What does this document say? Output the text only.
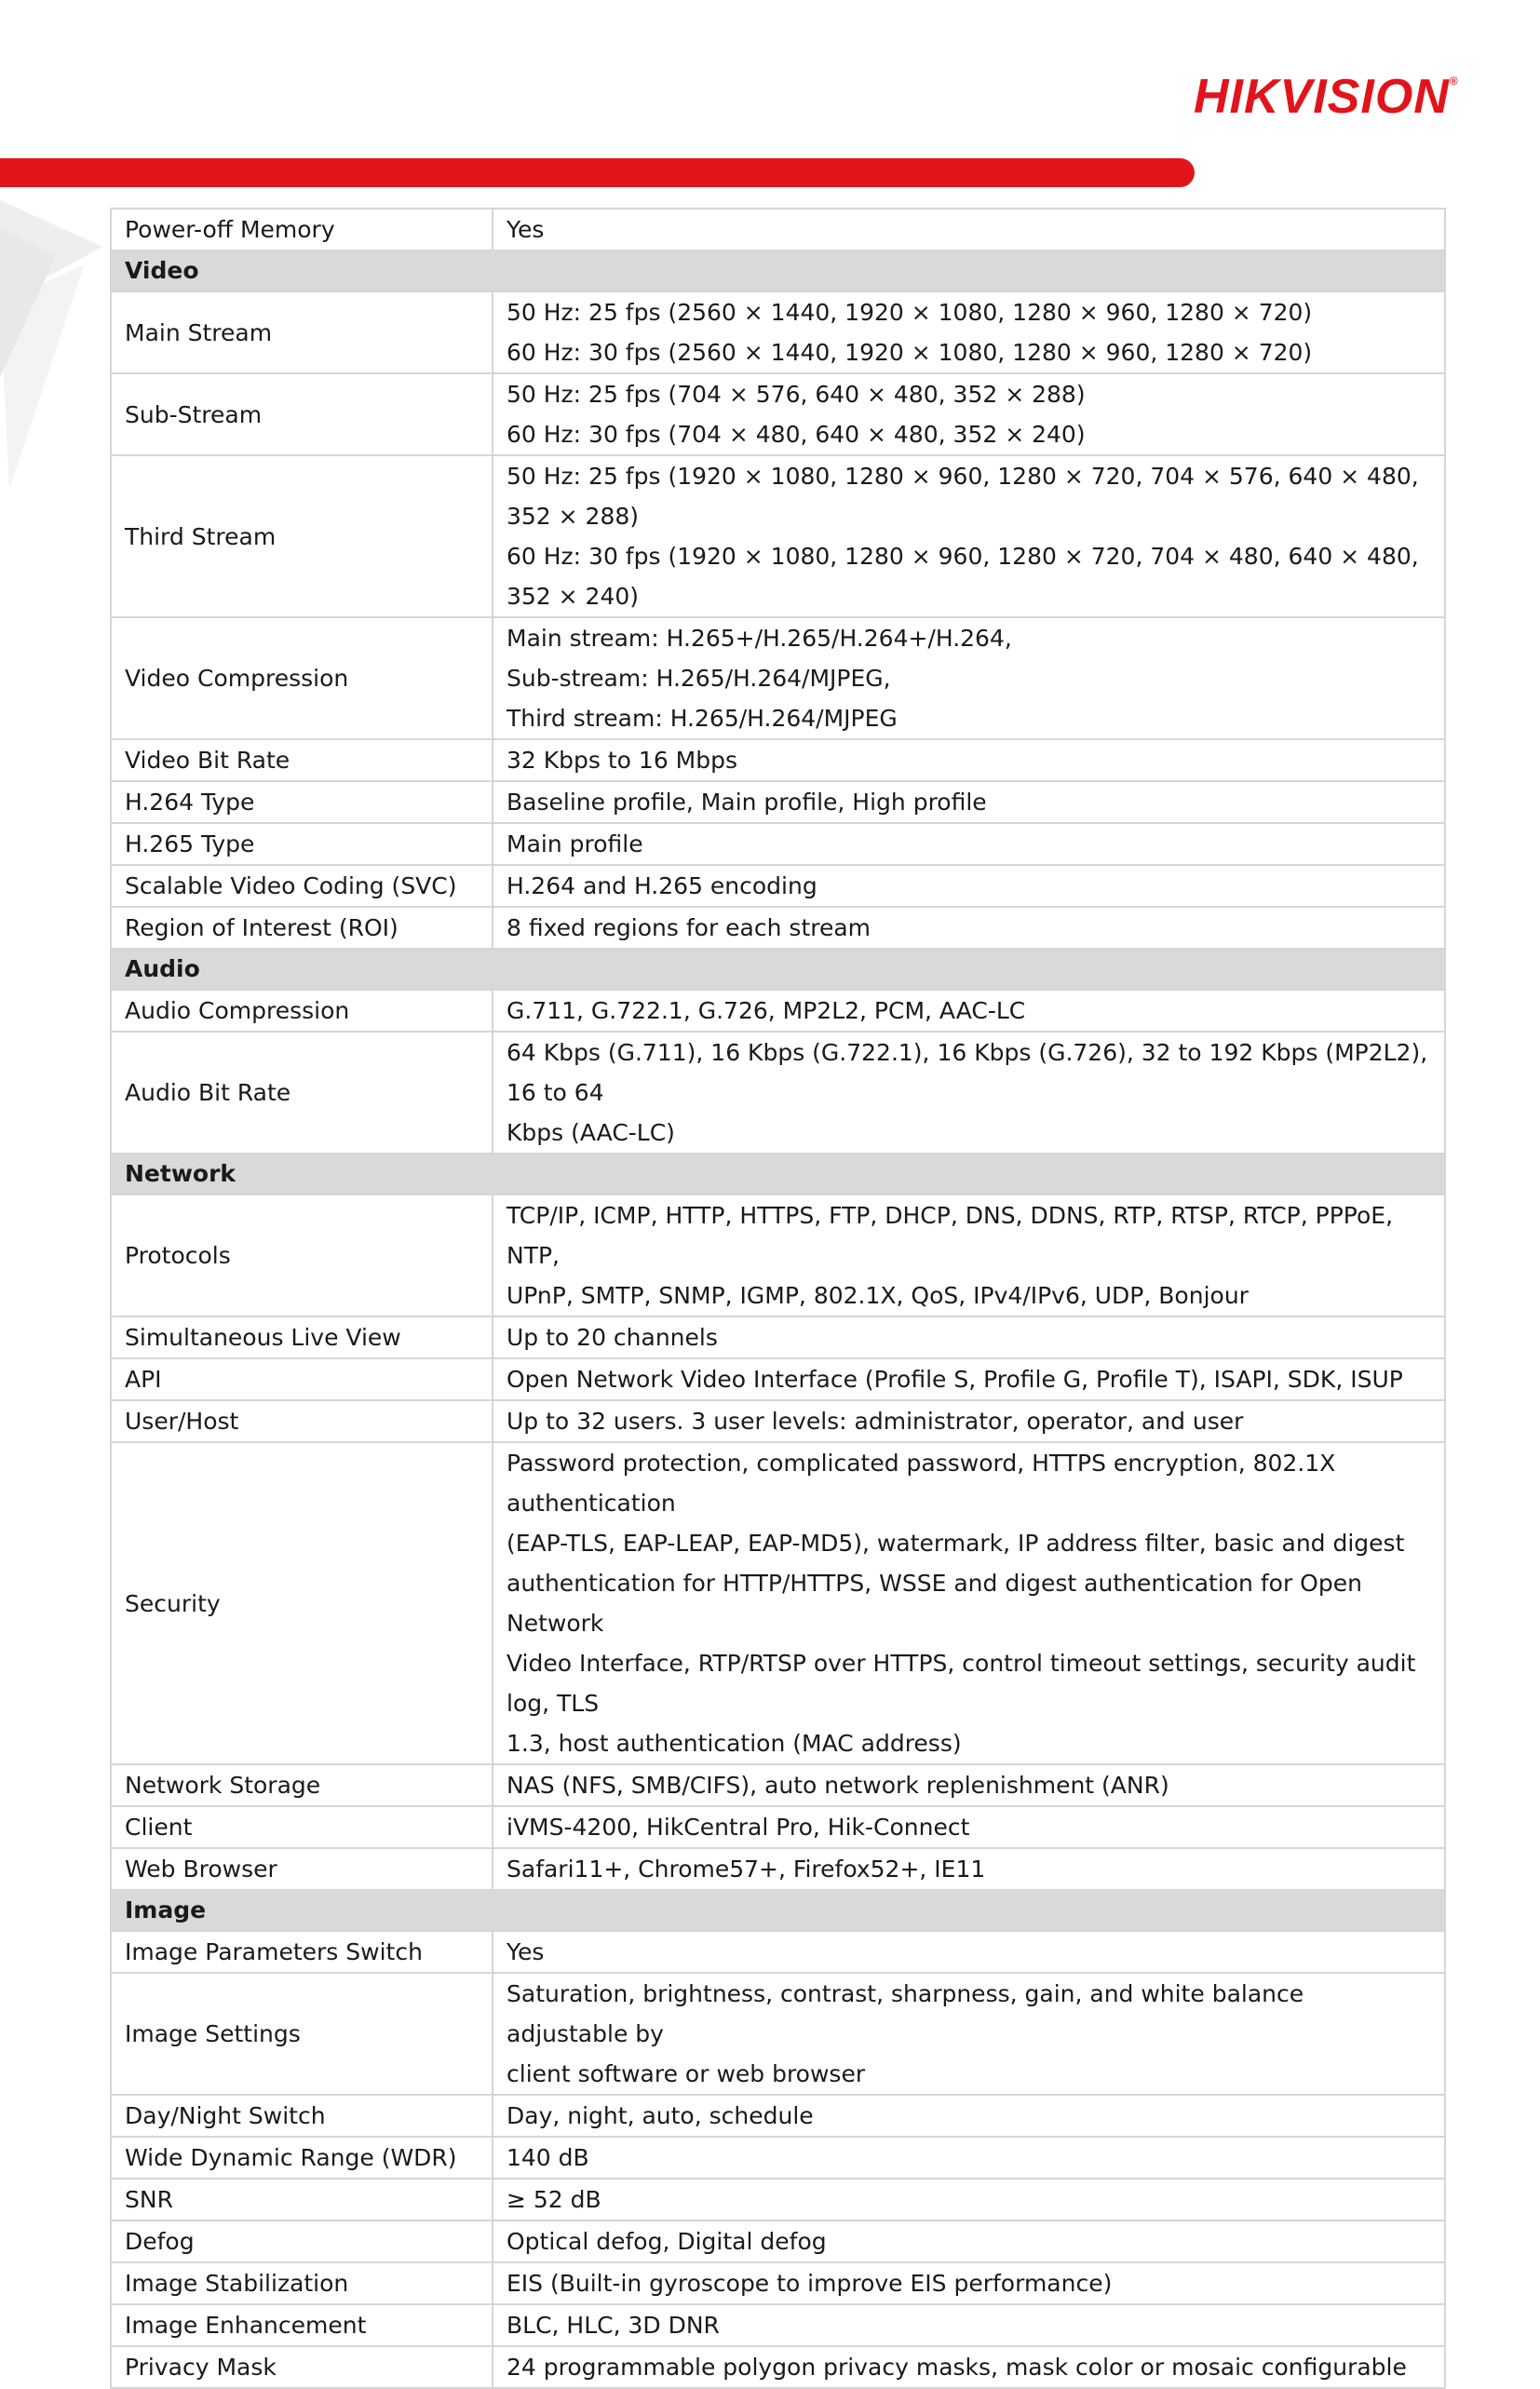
HIKVISION®
Power-off Memory	Yes

Video	
Main Stream	50 Hz: 25 fps (2560 × 1440, 1920 × 1080, 1280 × 960, 1280 × 720)
60 Hz: 30 fps (2560 × 1440, 1920 × 1080, 1280 × 960, 1280 × 720)

Sub-Stream	50 Hz: 25 fps (704 × 576, 640 × 480, 352 × 288)
60 Hz: 30 fps (704 × 480, 640 × 480, 352 × 240)

Third Stream	50 Hz: 25 fps (1920 × 1080, 1280 × 960, 1280 × 720, 704 × 576, 640 × 480, 352 × 288)
60 Hz: 30 fps (1920 × 1080, 1280 × 960, 1280 × 720, 704 × 480, 640 × 480, 352 × 240)

Video Compression	Main stream: H.265+/H.265/H.264+/H.264,
Sub-stream: H.265/H.264/MJPEG,
Third stream: H.265/H.264/MJPEG

Video Bit Rate	32 Kbps to 16 Mbps

H.264 Type	Baseline profile, Main profile, High profile

H.265 Type	Main profile

Scalable Video Coding (SVC)	H.264 and H.265 encoding

Region of Interest (ROI)	8 fixed regions for each stream

Audio	
Audio Compression	G.711, G.722.1, G.726, MP2L2, PCM, AAC-LC

Audio Bit Rate	64 Kbps (G.711), 16 Kbps (G.722.1), 16 Kbps (G.726), 32 to 192 Kbps (MP2L2), 16 to 64
Kbps (AAC-LC)

Network	
Protocols	TCP/IP, ICMP, HTTP, HTTPS, FTP, DHCP, DNS, DDNS, RTP, RTSP, RTCP, PPPoE, NTP,
UPnP, SMTP, SNMP, IGMP, 802.1X, QoS, IPv4/IPv6, UDP, Bonjour

Simultaneous Live View	Up to 20 channels

API	Open Network Video Interface (Profile S, Profile G, Profile T), ISAPI, SDK, ISUP

User/Host	Up to 32 users. 3 user levels: administrator, operator, and user

Security	Password protection, complicated password, HTTPS encryption, 802.1X authentication
(EAP-TLS, EAP-LEAP, EAP-MD5), watermark, IP address filter, basic and digest
authentication for HTTP/HTTPS, WSSE and digest authentication for Open Network
Video Interface, RTP/RTSP over HTTPS, control timeout settings, security audit log, TLS
1.3, host authentication (MAC address)

Network Storage	NAS (NFS, SMB/CIFS), auto network replenishment (ANR)

Client	iVMS-4200, HikCentral Pro, Hik-Connect

Web Browser	Safari11+, Chrome57+, Firefox52+, IE11

Image	
Image Parameters Switch	Yes

Image Settings	Saturation, brightness, contrast, sharpness, gain, and white balance adjustable by
client software or web browser

Day/Night Switch	Day, night, auto, schedule

Wide Dynamic Range (WDR)	140 dB

SNR	≥ 52 dB

Defog	Optical defog, Digital defog

Image Stabilization	EIS (Built-in gyroscope to improve EIS performance)

Image Enhancement	BLC, HLC, 3D DNR

Privacy Mask	24 programmable polygon privacy masks, mask color or mosaic configurable
